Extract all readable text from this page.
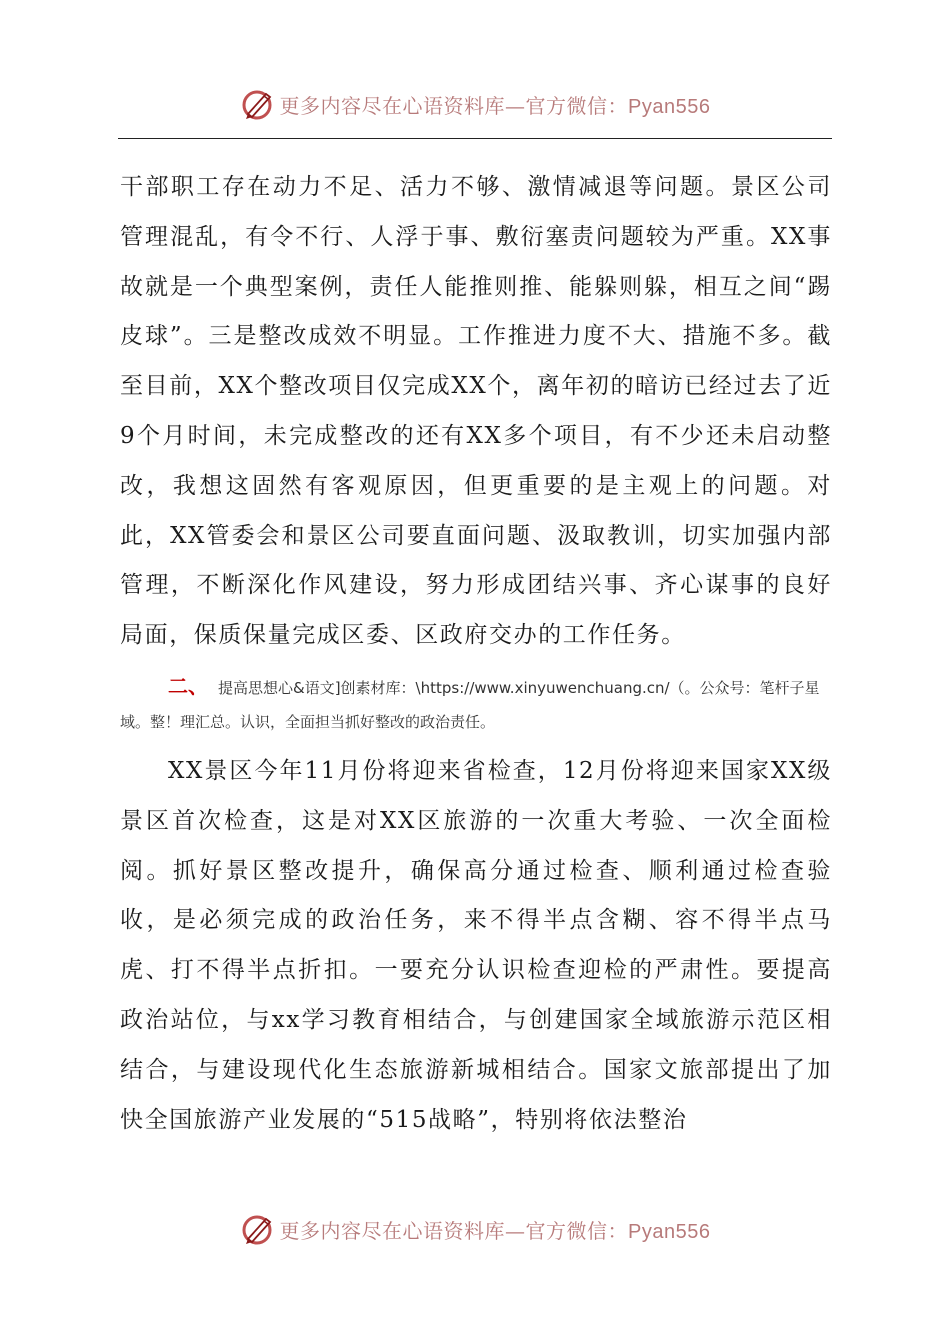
更多内容尽在心语资料库—官方微信：Pyan556

干部职工存在动力不足、活力不够、激情减退等问题。景区公司管理混乱，有令不行、人浮于事、敷衍塞责问题较为严重。XX事故就是一个典型案例，责任人能推则推、能躲则躲，相互之间“踢皮球”。三是整改成效不明显。工作推进力度不大、措施不多。截至目前，XX个整改项目仅完成XX个，离年初的暗访已经过去了近9个月时间，未完成整改的还有XX多个项目，有不少还未启动整改，我想这固然有客观原因，但更重要的是主观上的问题。对此，XX管委会和景区公司要直面问题、汲取教训，切实加强内部管理，不断深化作风建设，努力形成团结兴事、齐心谋事的良好局面，保质保量完成区委、区政府交办的工作任务。

二、 提高思想心&语文]创素材库：\https://www.xinyuwenchuang.cn/（。公众号：笔杆子星域。整！理汇总。认识，全面担当抓好整改的政治责任。

XX景区今年11月份将迎来省检查，12月份将迎来国家XX级景区首次检查，这是对XX区旅游的一次重大考验、一次全面检阅。抓好景区整改提升，确保高分通过检查、顺利通过检查验收，是必须完成的政治任务，来不得半点含糊、容不得半点马虎、打不得半点折扣。一要充分认识检查迎检的严肃性。要提高政治站位，与xx学习教育相结合，与创建国家全域旅游示范区相结合，与建设现代化生态旅游新城相结合。国家文旅部提出了加快全国旅游产业发展的“515战略”，特别将依法整治

更多内容尽在心语资料库—官方微信：Pyan556
